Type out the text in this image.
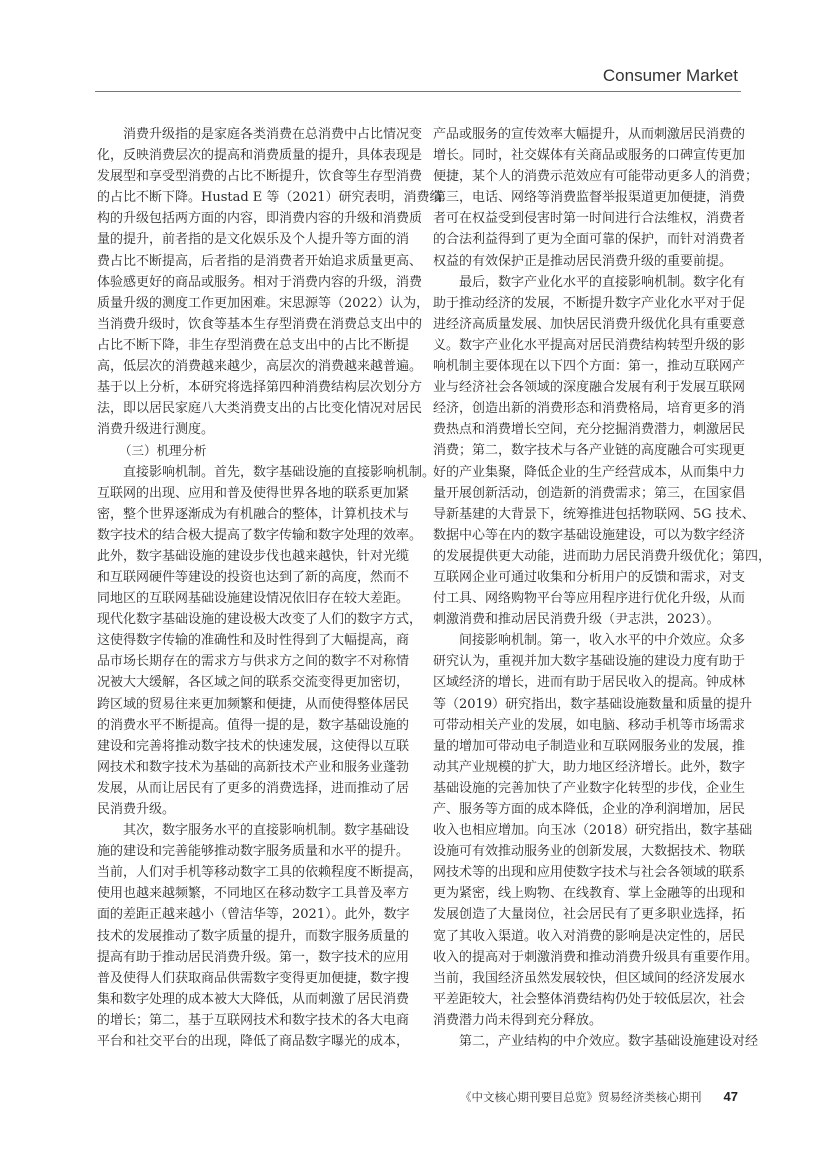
Consumer Market
消费升级指的是家庭各类消费在总消费中占比情况变
化，反映消费层次的提高和消费质量的提升，具体表现是
发展型和享受型消费的占比不断提升，饮食等生存型消费
的占比不断下降。Hustad E 等（2021）研究表明，消费结
构的升级包括两方面的内容，即消费内容的升级和消费质
量的提升，前者指的是文化娱乐及个人提升等方面的消
费占比不断提高，后者指的是消费者开始追求质量更高、
体验感更好的商品或服务。相对于消费内容的升级，消费
质量升级的测度工作更加困难。宋思源等（2022）认为，
当消费升级时，饮食等基本生存型消费在消费总支出中的
占比不断下降，非生存型消费在总支出中的占比不断提
高，低层次的消费越来越少，高层次的消费越来越普遍。
基于以上分析，本研究将选择第四种消费结构层次划分方
法，即以居民家庭八大类消费支出的占比变化情况对居民
消费升级进行测度。
（三）机理分析
直接影响机制。首先，数字基础设施的直接影响机制。
互联网的出现、应用和普及使得世界各地的联系更加紧
密，整个世界逐渐成为有机融合的整体，计算机技术与
数字技术的结合极大提高了数字传输和数字处理的效率。
此外，数字基础设施的建设步伐也越来越快，针对光缆
和互联网硬件等建设的投资也达到了新的高度，然而不
同地区的互联网基础设施建设情况依旧存在较大差距。
现代化数字基础设施的建设极大改变了人们的数字方式，
这使得数字传输的准确性和及时性得到了大幅提高，商
品市场长期存在的需求方与供求方之间的数字不对称情
况被大大缓解，各区域之间的联系交流变得更加密切，
跨区域的贸易往来更加频繁和便捷，从而使得整体居民
的消费水平不断提高。值得一提的是，数字基础设施的
建设和完善将推动数字技术的快速发展，这使得以互联
网技术和数字技术为基础的高新技术产业和服务业蓬勃
发展，从而让居民有了更多的消费选择，进而推动了居
民消费升级。
其次，数字服务水平的直接影响机制。数字基础设
施的建设和完善能够推动数字服务质量和水平的提升。
当前，人们对手机等移动数字工具的依赖程度不断提高，
使用也越来越频繁，不同地区在移动数字工具普及率方
面的差距正越来越小（曾洁华等，2021）。此外，数字
技术的发展推动了数字质量的提升，而数字服务质量的
提高有助于推动居民消费升级。第一，数字技术的应用
普及使得人们获取商品供需数字变得更加便捷，数字搜
集和数字处理的成本被大大降低，从而刺激了居民消费
的增长；第二，基于互联网技术和数字技术的各大电商
平台和社交平台的出现，降低了商品数字曝光的成本，
产品或服务的宣传效率大幅提升，从而刺激居民消费的
增长。同时，社交媒体有关商品或服务的口碑宣传更加
便捷，某个人的消费示范效应有可能带动更多人的消费；
第三，电话、网络等消费监督举报渠道更加便捷，消费
者可在权益受到侵害时第一时间进行合法维权，消费者
的合法利益得到了更为全面可靠的保护，而针对消费者
权益的有效保护正是推动居民消费升级的重要前提。
最后，数字产业化水平的直接影响机制。数字化有
助于推动经济的发展，不断提升数字产业化水平对于促
进经济高质量发展、加快居民消费升级优化具有重要意
义。数字产业化水平提高对居民消费结构转型升级的影
响机制主要体现在以下四个方面：第一，推动互联网产
业与经济社会各领域的深度融合发展有利于发展互联网
经济，创造出新的消费形态和消费格局，培育更多的消
费热点和消费增长空间，充分挖掘消费潜力，刺激居民
消费；第二，数字技术与各产业链的高度融合可实现更
好的产业集聚，降低企业的生产经营成本，从而集中力
量开展创新活动，创造新的消费需求；第三，在国家倡
导新基建的大背景下，统筹推进包括物联网、5G 技术、
数据中心等在内的数字基础设施建设，可以为数字经济
的发展提供更大动能，进而助力居民消费升级优化；第四，
互联网企业可通过收集和分析用户的反馈和需求，对支
付工具、网络购物平台等应用程序进行优化升级，从而
刺激消费和推动居民消费升级（尹志洪，2023）。
间接影响机制。第一，收入水平的中介效应。众多
研究认为，重视并加大数字基础设施的建设力度有助于
区域经济的增长，进而有助于居民收入的提高。钟成林
等（2019）研究指出，数字基础设施数量和质量的提升
可带动相关产业的发展，如电脑、移动手机等市场需求
量的增加可带动电子制造业和互联网服务业的发展，推
动其产业规模的扩大，助力地区经济增长。此外，数字
基础设施的完善加快了产业数字化转型的步伐，企业生
产、服务等方面的成本降低，企业的净利润增加，居民
收入也相应增加。向玉冰（2018）研究指出，数字基础
设施可有效推动服务业的创新发展，大数据技术、物联
网技术等的出现和应用使数字技术与社会各领域的联系
更为紧密，线上购物、在线教育、掌上金融等的出现和
发展创造了大量岗位，社会居民有了更多职业选择，拓
宽了其收入渠道。收入对消费的影响是决定性的，居民
收入的提高对于刺激消费和推动消费升级具有重要作用。
当前，我国经济虽然发展较快，但区域间的经济发展水
平差距较大，社会整体消费结构仍处于较低层次，社会
消费潜力尚未得到充分释放。
第二，产业结构的中介效应。数字基础设施建设对经
《中文核心期刊要目总览》贸易经济类核心期刊 47
